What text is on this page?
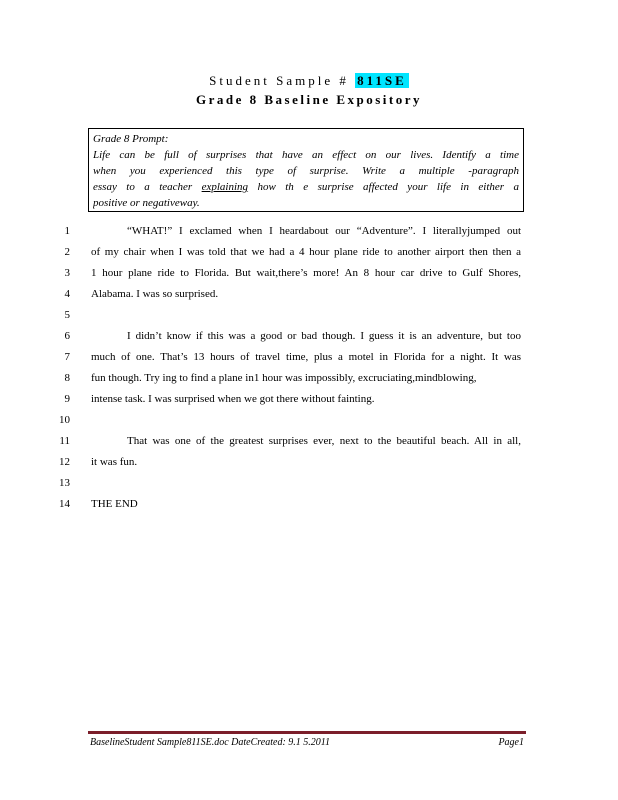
Student Sample # 811SE
Grade 8 Baseline Expository
Grade 8 Prompt:
Life can be full of surprises that have an effect on our lives. Identify a time
when you experienced this type of surprise. Write a multiple -paragraph
essay to a teacher explaining how th e surprise affected your life in either a
positive or negativeway.
1	“WHAT!” I exclamed when I heardabout our “Adventure”. I literallyjumped out
2 of my chair when I was told that we had a 4 hour plane ride to another airport then then a
3 1 hour plane ride to Florida. But wait,there’s more! An 8 hour car drive to Gulf Shores,
4 Alabama. I was so surprised.
5
6	I didn’t know if this was a good or bad though. I guess it is an adventure, but too
7 much of one. That’s 13 hours of travel time, plus a motel in Florida for a night. It was
8 fun though. Try ing to find a plane in1 hour was impossibly, excruciating,mindblowing,
9 intense task. I was surprised when we got there without fainting.
10
11	That was one of the greatest surprises ever, next to the beautiful beach. All in all,
12 it was fun.
13
14 THE END
BaselineStudent Sample811SE.doc DateCreated: 9.1 5.2011	Page1
